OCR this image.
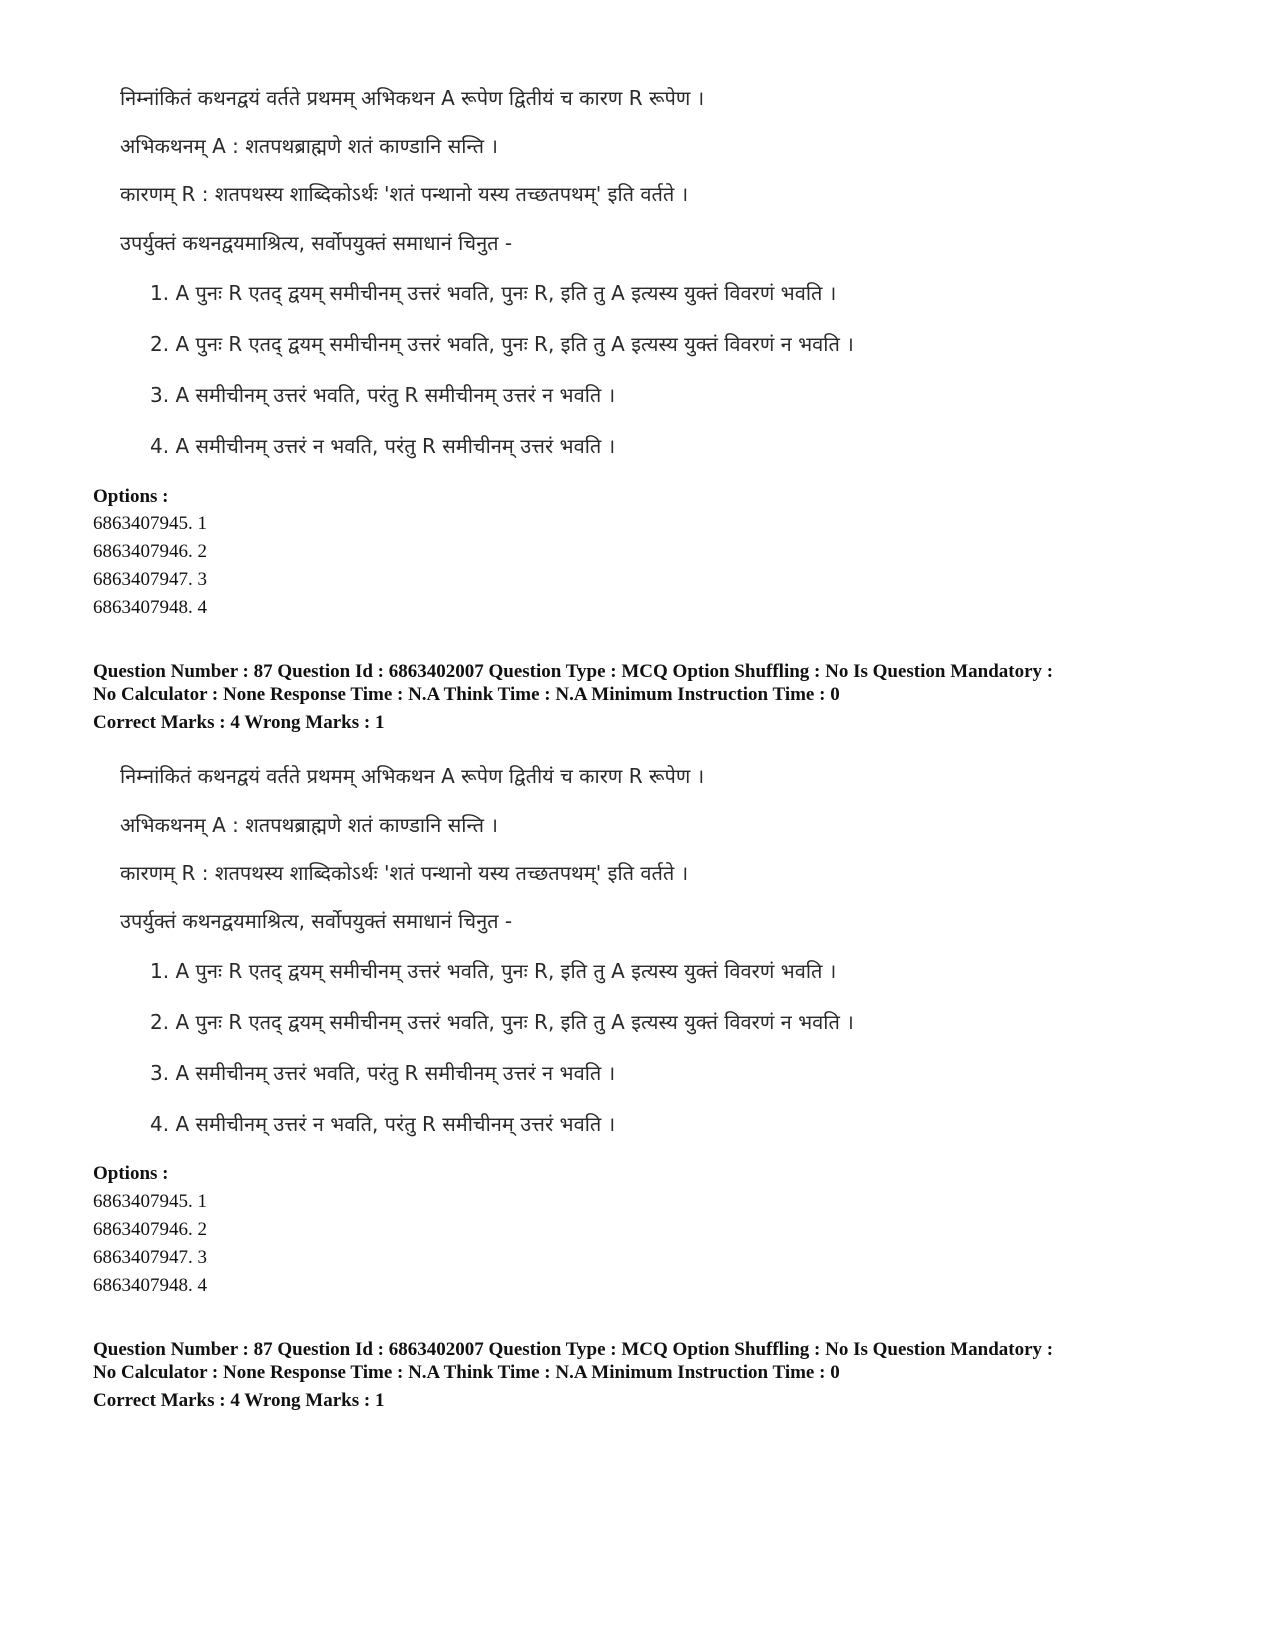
निम्नांकितं कथनद्वयं वर्तते प्रथमम् अभिकथन A रूपेण द्वितीयं च कारण R रूपेण ।
अभिकथनम् A : शतपथब्राह्मणे शतं काण्डानि सन्ति ।
कारणम् R : शतपथस्य शाब्दिकोऽर्थः 'शतं पन्थानो यस्य तच्छतपथम्' इति वर्तते ।
उपर्युक्तं कथनद्वयमाश्रित्य, सर्वोपयुक्तं समाधानं चिनुत -
1. A पुनः R एतद् द्वयम् समीचीनम् उत्तरं भवति, पुनः R, इति तु A इत्यस्य युक्तं विवरणं भवति ।
2. A पुनः R एतद् द्वयम् समीचीनम् उत्तरं भवति, पुनः R, इति तु A इत्यस्य युक्तं विवरणं न भवति ।
3. A समीचीनम् उत्तरं भवति, परंतु R समीचीनम् उत्तरं न भवति ।
4. A समीचीनम् उत्तरं न भवति, परंतु R समीचीनम् उत्तरं भवति ।
Options :
6863407945. 1
6863407946. 2
6863407947. 3
6863407948. 4
Question Number : 87 Question Id : 6863402007 Question Type : MCQ Option Shuffling : No Is Question Mandatory :
No Calculator : None Response Time : N.A Think Time : N.A Minimum Instruction Time : 0
Correct Marks : 4 Wrong Marks : 1
निम्नांकितं कथनद्वयं वर्तते प्रथमम् अभिकथन A रूपेण द्वितीयं च कारण R रूपेण ।
अभिकथनम् A : शतपथब्राह्मणे शतं काण्डानि सन्ति ।
कारणम् R : शतपथस्य शाब्दिकोऽर्थः 'शतं पन्थानो यस्य तच्छतपथम्' इति वर्तते ।
उपर्युक्तं कथनद्वयमाश्रित्य, सर्वोपयुक्तं समाधानं चिनुत -
1. A पुनः R एतद् द्वयम् समीचीनम् उत्तरं भवति, पुनः R, इति तु A इत्यस्य युक्तं विवरणं भवति ।
2. A पुनः R एतद् द्वयम् समीचीनम् उत्तरं भवति, पुनः R, इति तु A इत्यस्य युक्तं विवरणं न भवति ।
3. A समीचीनम् उत्तरं भवति, परंतु R समीचीनम् उत्तरं न भवति ।
4. A समीचीनम् उत्तरं न भवति, परंतु R समीचीनम् उत्तरं भवति ।
Options :
6863407945. 1
6863407946. 2
6863407947. 3
6863407948. 4
Question Number : 87 Question Id : 6863402007 Question Type : MCQ Option Shuffling : No Is Question Mandatory :
No Calculator : None Response Time : N.A Think Time : N.A Minimum Instruction Time : 0
Correct Marks : 4 Wrong Marks : 1
